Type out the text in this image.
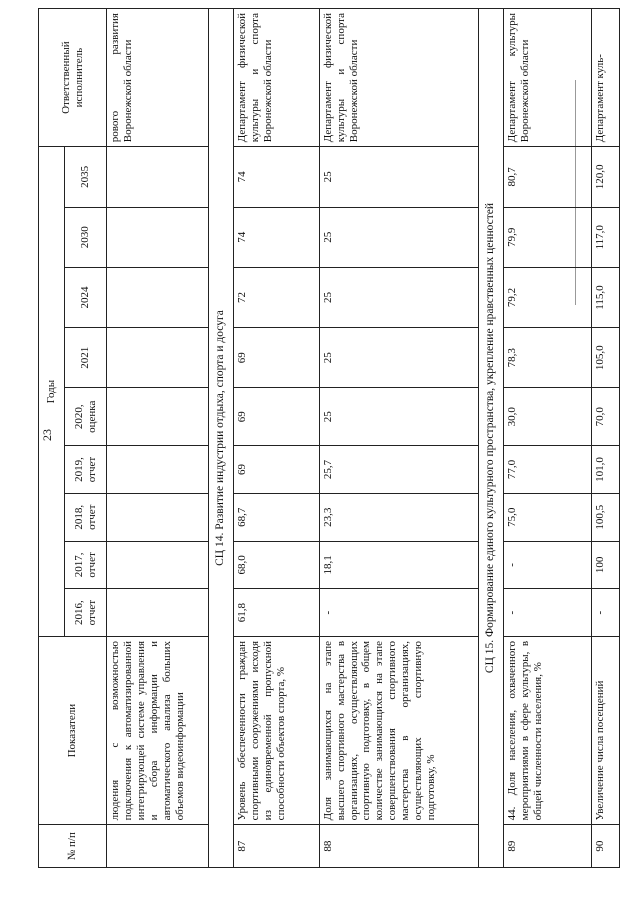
23
№ п/п	Показатели	Годы									Ответственный исполнитель
		2016, отчет	2017, отчет	2018, отчет	2019, отчет	2020, оценка	2021	2024	2030	2035	
	людения с возможностью подключения к автоматизированной интегрирующей системе управления и сбора информации и автоматического анализа больших объемов видеоинформации										рового развития Воронежской области
СЦ 14. Развитие индустрии отдыха, спорта и досуга											
87	Уровень обеспеченности граждан спортивными сооружениями исходя из единовременной пропускной способности объектов спорта, %	61,8	68,0	68,7	69	69	69	72	74	74	Департамент физической культуры и спорта Воронежской области
88	Доля занимающихся на этапе высшего спортивного мастерства в организациях, осуществляющих спортивную подготовку, в общем количестве занимающихся на этапе совершенствования спортивного мастерства в организациях, осуществляющих спортивную подготовку, %	-	18,1	23,3	25,7	25	25	25	25	25	Департамент физической культуры и спорта Воронежской области
СЦ 15. Формирование единого культурного пространства, укрепление нравственных ценностей											
89	44. Доля населения, охваченного мероприятиями в сфере культуры, в общей численности населения, %	-	-	75,0	77,0	30,0	78,3	79,2	79,9	80,7	Департамент культуры Воронежской области
90	Увеличение числа посещений	-	100	100,5	101,0	70,0	105,0	115,0	117,0	120,0	Департамент куль-
